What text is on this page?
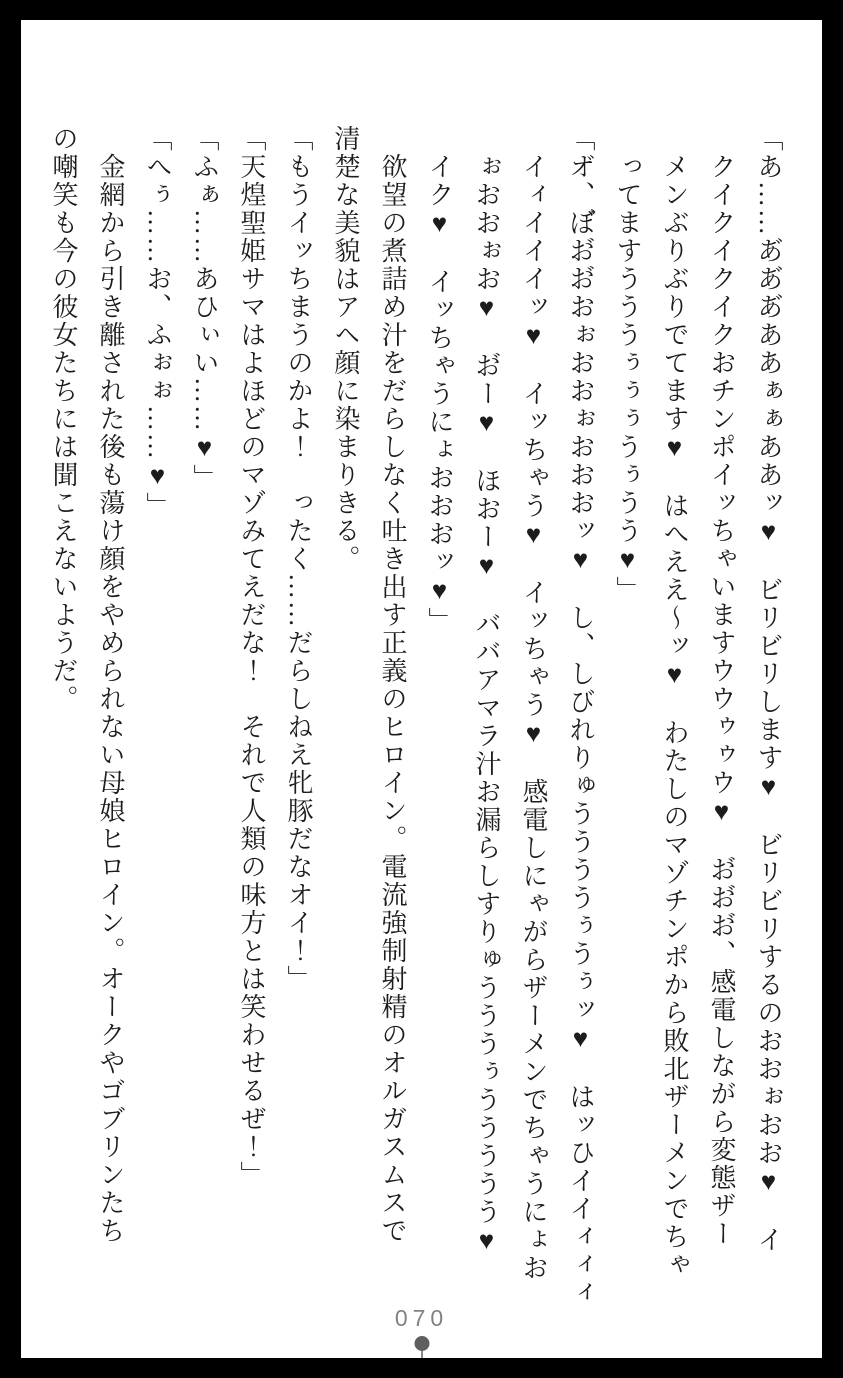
「あ……あ゙あ゙あ゙ああぁぁああッ♥　ビリビリします♥　ビリビリするのおおぉおお♥　イ
クイクイクイクおチンポイッちゃいますウウゥゥウ♥　お゙お゙お゙、感電しながら変態ザー
メンぶりぶりでてます♥　はへええ〜ッ♥　わたしのマゾチンポから敗北ザーメンでちゃ
ってますうううぅぅぅうぅうう♥」
「オ゙、ぼ゙お゙お゙おぉおおぉおおおッ♥　し、しびれりゅううううぅうぅッ♥　はッひイイィィィ
イィイイイッ♥　イッちゃう♥　イッちゃう♥　感電しにゃがらザーメンでちゃうにょお
ぉおおぉお♥　お゙ー♥　ほおー♥　ババアマラ汁お漏らしすりゅうううぅううううう♥
イク♥　イッちゃうにょおおおッ♥」
欲望の煮詰め汁をだらしなく吐き出す正義のヒロイン。電流強制射精のオルガスムスで
清楚な美貌はアヘ顔に染まりきる。
「もうイッちまうのかよ！　ったく……だらしねえ牝豚だなオイ！」
「天煌聖姫サマはよほどのマゾみてえだな！　それで人類の味方とは笑わせるぜ！」
「ふぁ……あひぃい……♥」
「へぅ……お、ふぉぉ……♥」
金網から引き離された後も蕩け顔をやめられない母娘ヒロイン。オークやゴブリンたち
の嘲笑も今の彼女たちには聞こえないようだ。
070
